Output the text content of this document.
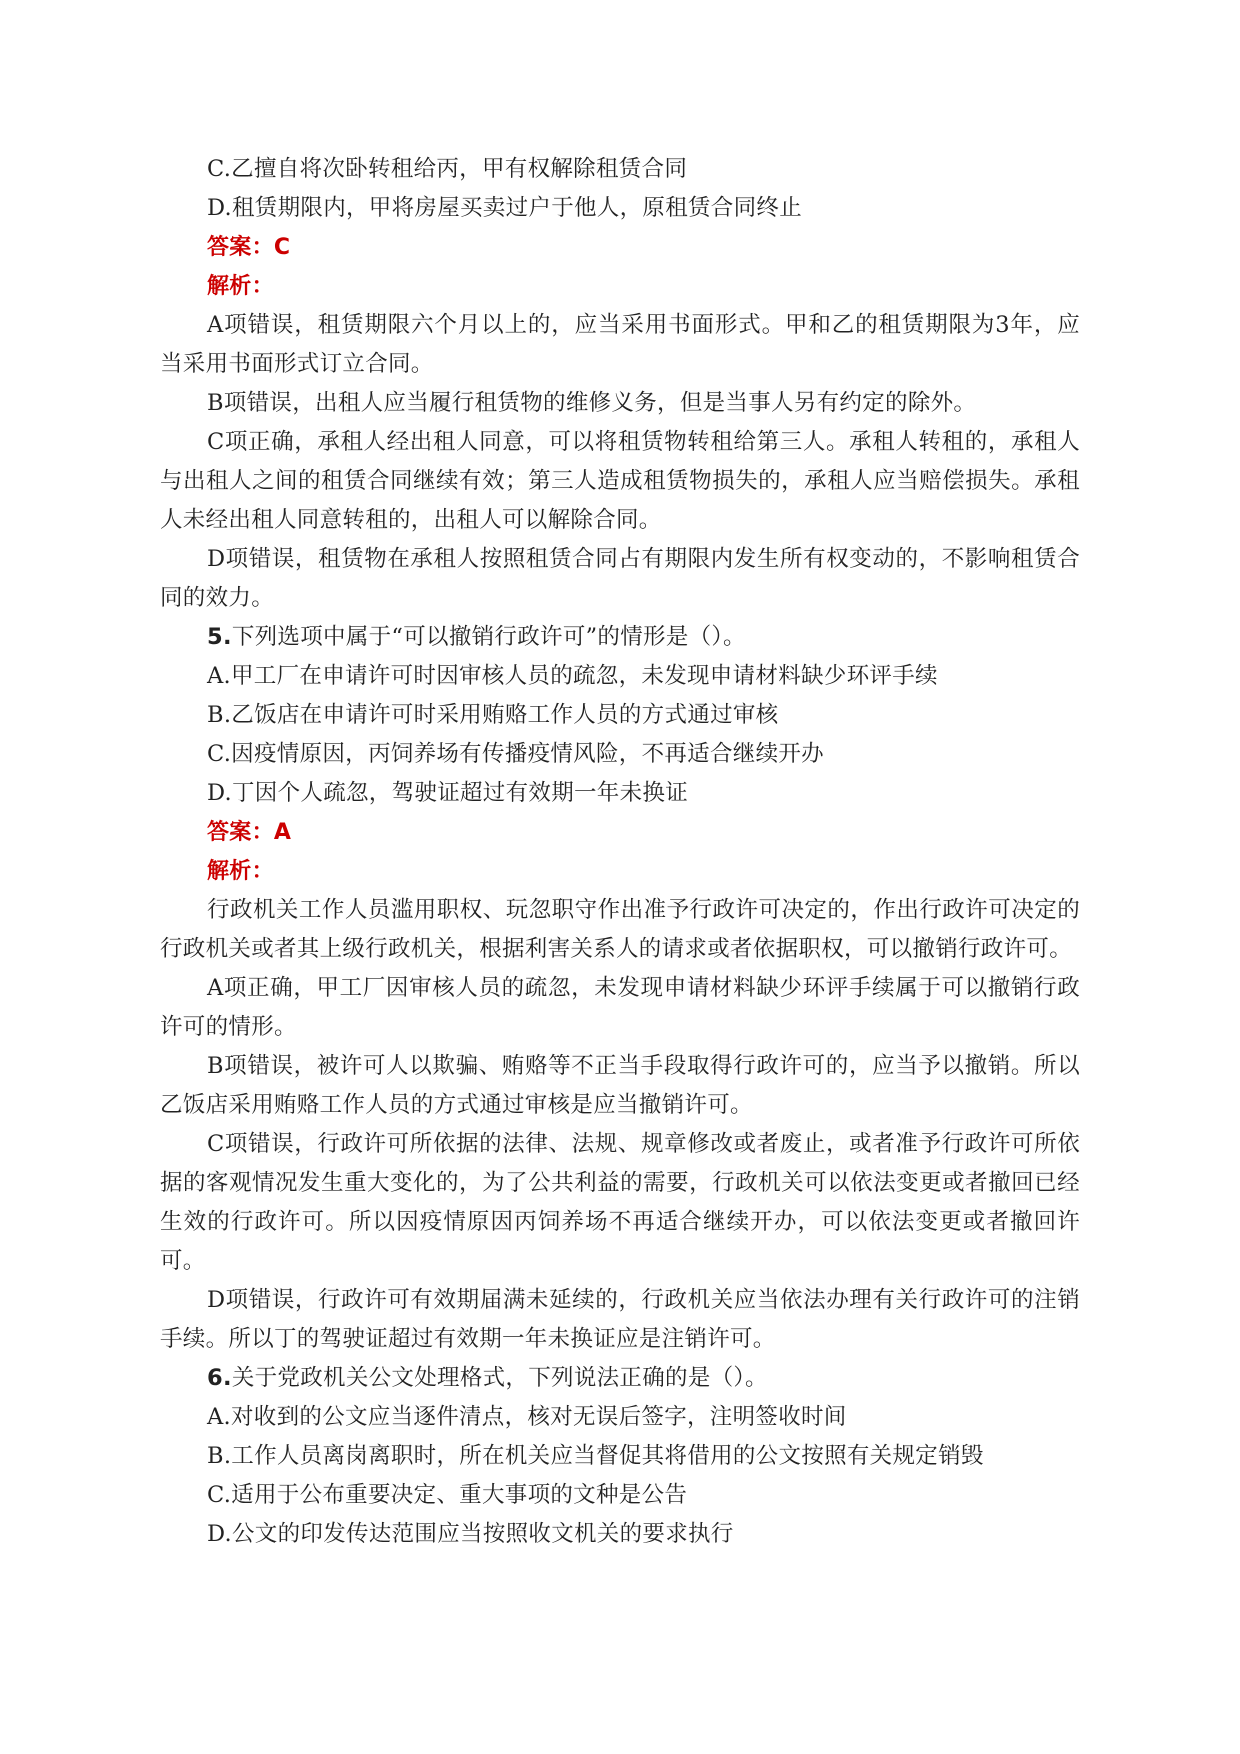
C.乙擅自将次卧转租给丙，甲有权解除租赁合同
D.租赁期限内，甲将房屋买卖过户于他人，原租赁合同终止
答案：C
解析：
A项错误，租赁期限六个月以上的，应当采用书面形式。甲和乙的租赁期限为3年，应当采用书面形式订立合同。
B项错误，出租人应当履行租赁物的维修义务，但是当事人另有约定的除外。
C项正确，承租人经出租人同意，可以将租赁物转租给第三人。承租人转租的，承租人与出租人之间的租赁合同继续有效；第三人造成租赁物损失的，承租人应当赔偿损失。承租人未经出租人同意转租的，出租人可以解除合同。
D项错误，租赁物在承租人按照租赁合同占有期限内发生所有权变动的，不影响租赁合同的效力。
5.下列选项中属于“可以撤销行政许可”的情形是（）。
A.甲工厂在申请许可时因审核人员的疏忽，未发现申请材料缺少环评手续
B.乙饭店在申请许可时采用贿赂工作人员的方式通过审核
C.因疫情原因，丙饲养场有传播疫情风险，不再适合继续开办
D.丁因个人疏忽，驾驶证超过有效期一年未换证
答案：A
解析：
行政机关工作人员滥用职权、玩忽职守作出准予行政许可决定的，作出行政许可决定的行政机关或者其上级行政机关，根据利害关系人的请求或者依据职权，可以撤销行政许可。
A项正确，甲工厂因审核人员的疏忽，未发现申请材料缺少环评手续属于可以撤销行政许可的情形。
B项错误，被许可人以欺骗、贿赂等不正当手段取得行政许可的，应当予以撤销。所以乙饭店采用贿赂工作人员的方式通过审核是应当撤销许可。
C项错误，行政许可所依据的法律、法规、规章修改或者废止，或者准予行政许可所依据的客观情况发生重大变化的，为了公共利益的需要，行政机关可以依法变更或者撤回已经生效的行政许可。所以因疫情原因丙饲养场不再适合继续开办，可以依法变更或者撤回许可。
D项错误，行政许可有效期届满未延续的，行政机关应当依法办理有关行政许可的注销手续。所以丁的驾驶证超过有效期一年未换证应是注销许可。
6.关于党政机关公文处理格式，下列说法正确的是（）。
A.对收到的公文应当逐件清点，核对无误后签字，注明签收时间
B.工作人员离岗离职时，所在机关应当督促其将借用的公文按照有关规定销毁
C.适用于公布重要决定、重大事项的文种是公告
D.公文的印发传达范围应当按照收文机关的要求执行
